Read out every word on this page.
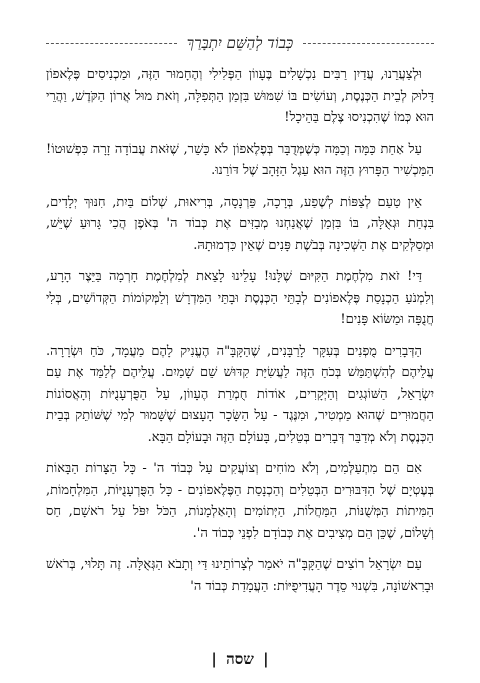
כְּבוֹד לְהַשֵּׁם יִתְבָּרַךְ

וּלְצַעֲרֵנוּ, עֲדַיִן רַבִּים נִכְשָׁלִים בֶּעָווֹן הַפְּלִילִי וְהֶחָמוּר הַזֶּה, וּמַכְנִיסִים פֶּלֶאפוֹן דָּלוּק לְבֵית הַכְּנֶסֶת, וְעוֹשִׂים בּוֹ שִׁמּוּשׁ בִּזְמַן הַתְּפִלָּה, וְזֹאת מוּל אֲרוֹן הַקֹּדֶשׁ, וַהֲרֵי הוּא כְּמוֹ שֶׁהִכְנִיסוּ צֶלֶם בַּהֵיכָל!

עַל אַחַת כַּמָּה וְכַמָּה כְּשֶׁמְּדֻבָּר בְּפֶלֶאפוֹן לֹא כָּשֵׁר, שֶׁזֹּאת עֲבוֹדָה זָרָה כִּפְשׁוּטוֹ! הַמַּכְשִׁיר הַפָּרוּץ הַזֶּה הוּא עֵגֶל הַזָּהָב שֶׁל דּוֹרֵנוּ.

אֵין טַעַם לְצַפּוֹת לְשֶׁפַע, בְּרָכָה, פַּרְנָסָה, בְּרִיאוּת, שְׁלוֹם בַּיִת, חִנּוּךְ יְלָדִים, בִּנְחַת וּגְאֻלָּה, בּוֹ בִּזְמַן שֶׁאֲנַחְנוּ מְבַזִּים אֶת כְּבוֹד ה' בְּאֹפֶן הֲכִי גָּרוּעַ שֶׁיֵּשׁ, וּמְסַלְּקִים אֶת הַשְּׁכִינָה בְּבֹשֶׁת פָּנִים שֶׁאֵין כִּדְמוּתָהּ.

דַּי! זֹאת מִלְחֶמֶת הַקִּיּוּם שֶׁלָּנוּ! עָלֵינוּ לָצֵאת לְמִלְחֶמֶת חָרְמָה בַּיֵּצֶר הָרָע, וְלִמְנֹעַ הַכְנָסַת פֶּלֶאפוֹנִים לְבָתֵּי הַכְּנֶסֶת וּבָתֵּי הַמִּדְרָשׁ וְלַמְּקוֹמוֹת הַקְּדוֹשִׁים, בְּלִי חֲנֻפָּה וּמַשּׂוֹא פָּנִים!

הַדְּבָרִים מֻפְנִים בְּעִקָּר לָרַבָּנִים, שֶׁהַקָּבָּ"ה הֶעֱנִיק לָהֶם מַעֲמָד, כֹּחַ וּשְׂרָרָה. עֲלֵיהֶם לְהִשְׁתַּמֵּשׁ בְּכֹחַ הַזֶּה לַעֲשִׂיַּת קִדּוּשׁ שֵׁם שָׁמַיִם. עֲלֵיהֶם לְלַמֵּד אֶת עַם יִשְׂרָאֵל, הַשּׁוֹגְגִים וְהַיְּקָרִים, אוֹדוֹת חֻמְרַת הֶעָווֹן, עַל הַפֻּרְעָנֻיּוֹת וְהָאֲסוֹנוֹת הַחֲמוּרִים שֶׁהוּא מַמְטִיר, וּמִנֶּגֶד - עַל הַשָּׂכָר הָעָצוּם שֶׁשָּׁמוּר לְמִי שֶׁשּׁוֹתֵק בְּבֵית הַכְּנֶסֶת וְלֹא מְדַבֵּר דְּבָרִים בְּטֵלִים, בָּעוֹלָם הַזֶּה וּבָעוֹלָם הַבָּא.

אִם הֵם מִתְעַלְּמִים, וְלֹא מוֹחִים וְצוֹעֲקִים עַל כְּבוֹד ה' - כָּל הַצָּרוֹת הַבָּאוֹת בְּעֶטְיָם שֶׁל הַדִּבּוּרִים הַבְּטֵלִים וְהַכְנָסַת הַפֶּלֶאפוֹנִים - כָּל הַפֻּרְעָנֻיּוֹת, הַמִּלְחָמוֹת, הַמִּיתוֹת הַמְּשֻׁנּוֹת, הַמַּחֲלוֹת, הַיְּתוֹמִים וְהָאַלְמָנוֹת, הַכֹּל יִפֹּל עַל רֹאשָׁם, חַס וְשָׁלוֹם, שֶׁכֵּן הֵם מְצִיבִים אֶת כְּבוֹדָם לִפְנֵי כְּבוֹד ה'.

עַם יִשְׂרָאֵל רוֹצִים שֶׁהַקָּבָּ"ה יֹאמַר לְצָרוֹתֵינוּ דַּי וְתָבֹא הַגְּאֻלָּה. זֶה תָּלוּי, בְּרֹאשׁ וּבָרִאשׁוֹנָה, בִּשְׁנוּי סֵדֶר הָעֲדִיפֻיּוֹת: הַעֲמָדַת כְּבוֹד ה'

| שסה |
